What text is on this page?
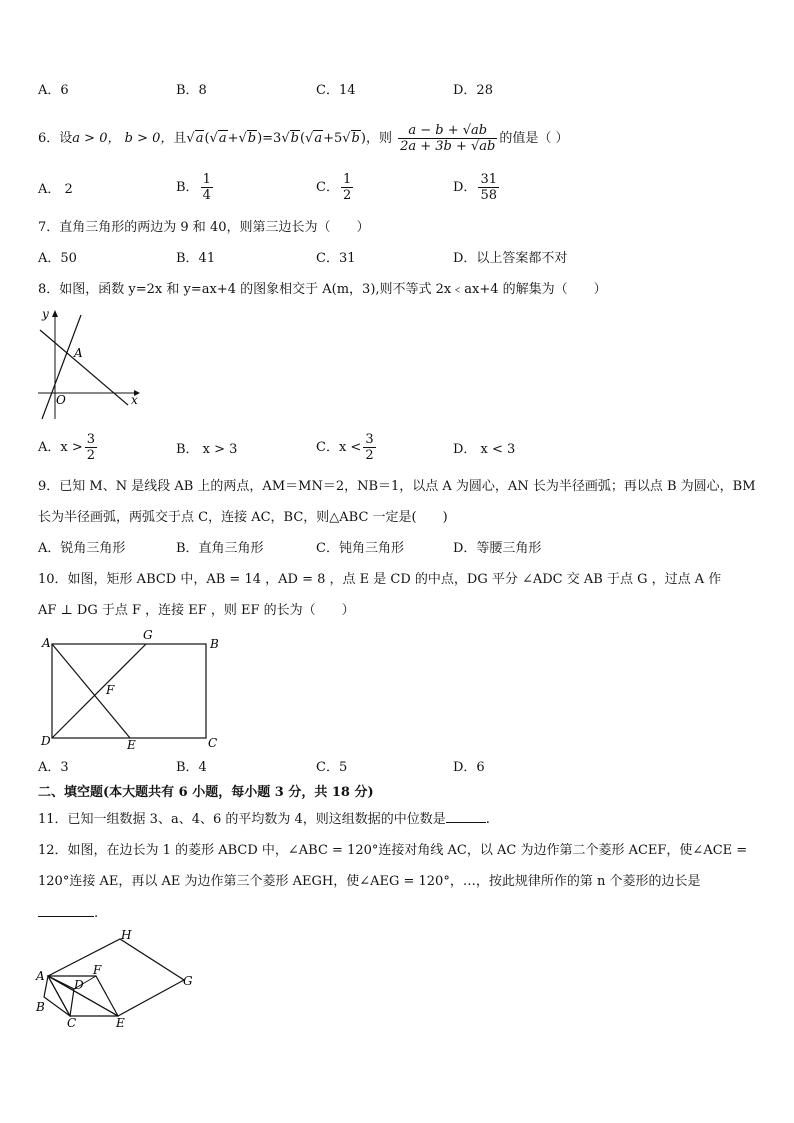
A．6	B．8	C．14	D．28
6．设a > 0， b > 0，且√a(√a+√b)=3√b(√a+5√b)，则 $\frac{a - b + √ab}{2a + 3b + √ab}$ 的值是（ ）
A． 2	B． $\frac{1}{4}$	C． $\frac{1}{2}$	D． $\frac{31}{58}$
7．直角三角形的两边为 9 和 40，则第三边长为（　　）
A．50	B．41	C．31	D．以上答案都不对
8．如图，函数 y=2x 和 y=ax+4 的图象相交于 A(m，3),则不等式 2x﹤ax+4 的解集为（　　）
y
A
O	x
A．$x > \frac{3}{2}$	B． x > 3	C．$x < \frac{3}{2}$	D． x < 3
9．已知 M、N 是线段 AB 上的两点，AM＝MN＝2，NB＝1，以点 A 为圆心，AN 长为半径画弧；再以点 B 为圆心，BM
长为半径画弧，两弧交于点 C，连接 AC，BC，则△ABC 一定是(　　)
A．锐角三角形	B．直角三角形	C．钝角三角形	D．等腰三角形
10．如图，矩形 ABCD 中，AB = 14 ，AD = 8 ，点 E 是 CD 的中点，DG 平分 ∠ADC 交 AB 于点 G ，过点 A 作
AF ⊥ DG 于点 F ，连接 EF ，则 EF 的长为（　　）
A
G
B
F
D	E	C
A．3	B．4	C．5	D．6
二、填空题(本大题共有 6 小题，每小题 3 分，共 18 分)
11．已知一组数据 3、a、4、6 的平均数为 4，则这组数据的中位数是	.
12．如图，在边长为 1 的菱形 ABCD 中，∠ABC = 120°连接对角线 AC，以 AC 为边作第二个菱形 ACEF，使∠ACE =
120°连接 AE，再以 AE 为边作第三个菱形 AEGH，使∠AEG = 120°，…，按此规律所作的第 n 个菱形的边长是
.
H
A	F
D	G
B
C	E
